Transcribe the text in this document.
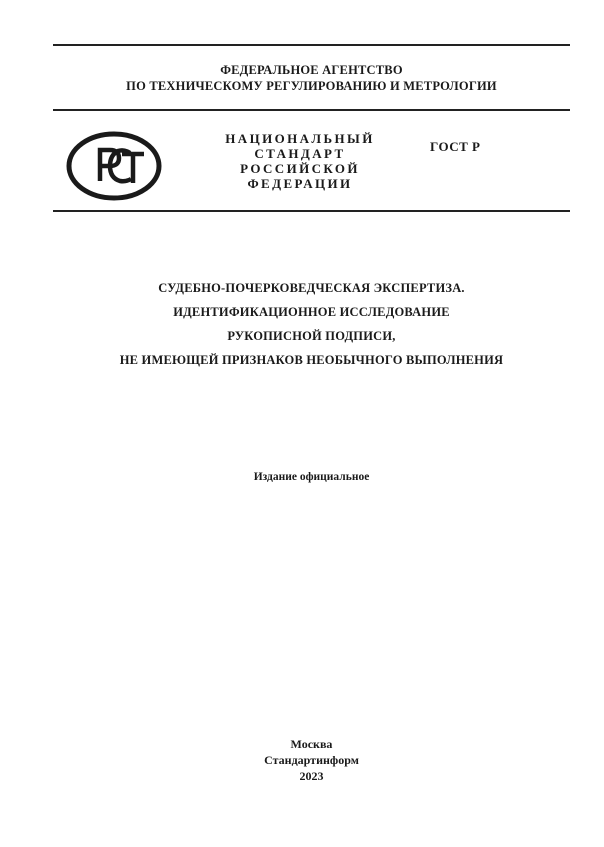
ФЕДЕРАЛЬНОЕ АГЕНТСТВО
ПО ТЕХНИЧЕСКОМУ РЕГУЛИРОВАНИЮ И МЕТРОЛОГИИ
НАЦИОНАЛЬНЫЙ
СТАНДАРТ
РОССИЙСКОЙ
ФЕДЕРАЦИИ
ГОСТ Р
СУДЕБНО-ПОЧЕРКОВЕДЧЕСКАЯ ЭКСПЕРТИЗА.
ИДЕНТИФИКАЦИОННОЕ ИССЛЕДОВАНИЕ
РУКОПИСНОЙ ПОДПИСИ,
НЕ ИМЕЮЩЕЙ ПРИЗНАКОВ НЕОБЫЧНОГО ВЫПОЛНЕНИЯ
Издание официальное
Москва
Стандартинформ
2023
